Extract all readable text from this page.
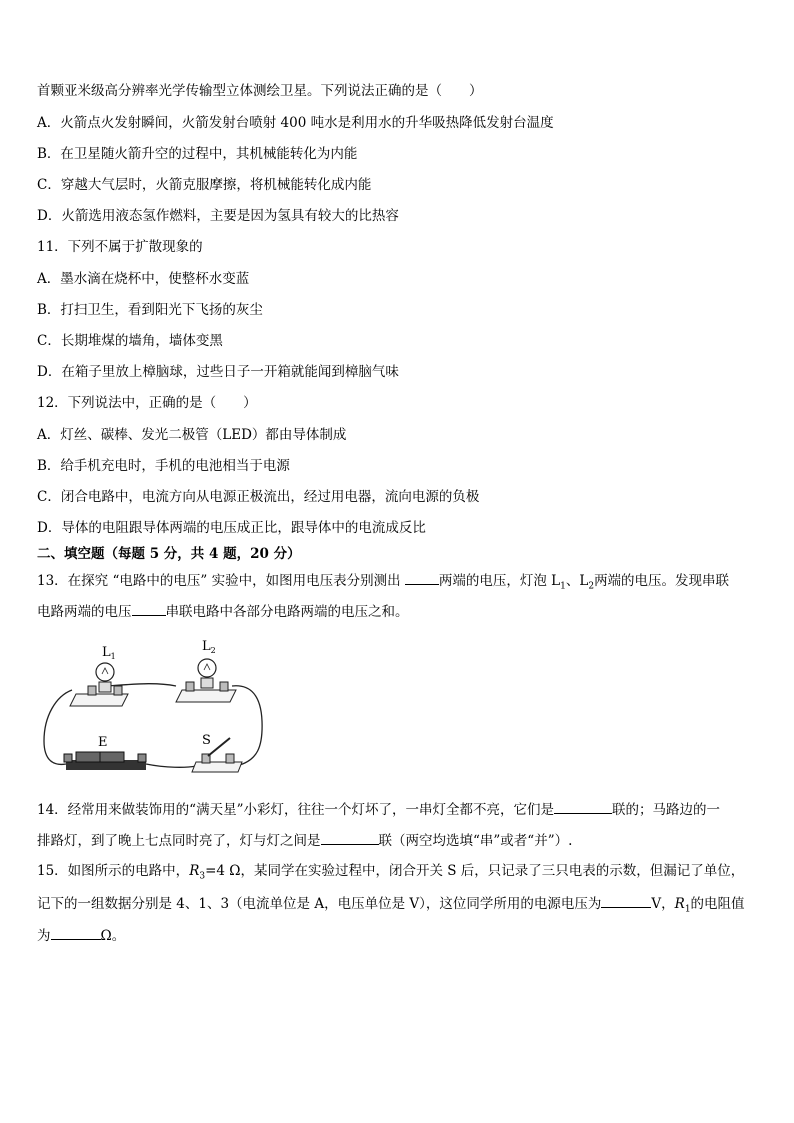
首颗亚米级高分辨率光学传输型立体测绘卫星。下列说法正确的是（　　）
A．火箭点火发射瞬间，火箭发射台喷射 400 吨水是利用水的升华吸热降低发射台温度
B．在卫星随火箭升空的过程中，其机械能转化为内能
C．穿越大气层时，火箭克服摩擦，将机械能转化成内能
D．火箭选用液态氢作燃料，主要是因为氢具有较大的比热容
11．下列不属于扩散现象的
A．墨水滴在烧杯中，使整杯水变蓝
B．打扫卫生，看到阳光下飞扬的灰尘
C．长期堆煤的墙角，墙体变黑
D．在箱子里放上樟脑球，过些日子一开箱就能闻到樟脑气味
12．下列说法中，正确的是（　　）
A．灯丝、碳棒、发光二极管（LED）都由导体制成
B．给手机充电时，手机的电池相当于电源
C．闭合电路中，电流方向从电源正极流出，经过用电器，流向电源的负极
D．导体的电阻跟导体两端的电压成正比，跟导体中的电流成反比
二、填空题（每题 5 分，共 4 题，20 分）
13．在探究 “电路中的电压” 实验中，如图用电压表分别测出	两端的电压，灯泡 $L_1$、$L_2$两端的电压。发现串联
电路两端的电压	串联电路中各部分电路两端的电压之和。
$L_1$
$L_2$
E	S
14．经常用来做装饰用的“满天星”小彩灯，往往一个灯坏了，一串灯全都不亮，它们是	联的；马路边的一
排路灯，到了晚上七点同时亮了，灯与灯之间是	联（两空均选填“串”或者“并”）.
15．如图所示的电路中，$R_3=4$ Ω，某同学在实验过程中，闭合开关 S 后，只记录了三只电表的示数，但漏记了单位，
记下的一组数据分别是 4、1、3（电流单位是 A，电压单位是 V），这位同学所用的电源电压为	V，$R_1$的电阻值
为	Ω。
